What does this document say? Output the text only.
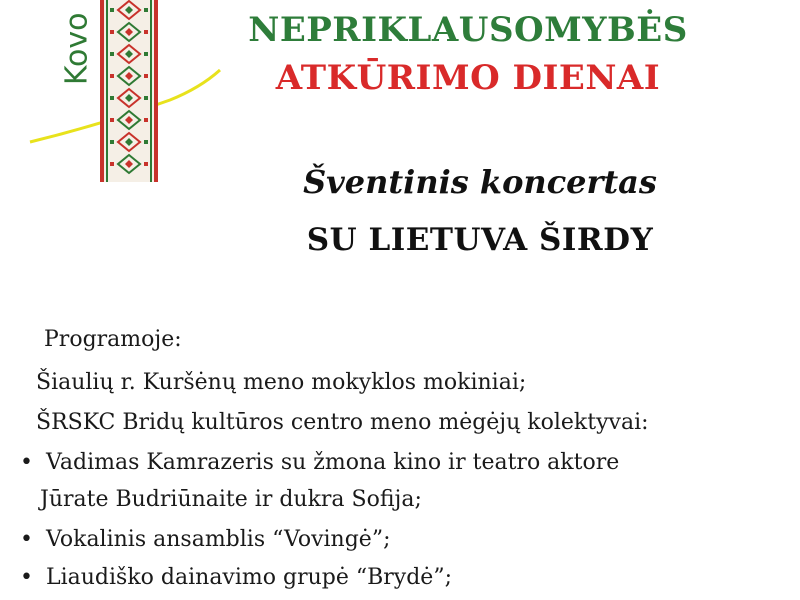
Kovo	NEPRIKLAUSOMYBĖS
ATKŪRIMO DIENAI
Šventinis koncertas
SU LIETUVA ŠIRDY
Programoje:
Šiaulių r. Kuršėnų meno mokyklos mokiniai;
ŠRSKC Bridų kultūros centro meno mėgėjų kolektyvai:
• Vadimas Kamrazeris su žmona kino ir teatro aktore
Jūrate Budriūnaite ir dukra Sofija;
• Vokalinis ansamblis “Vovingė”;
• Liaudiško dainavimo grupė “Brydė”;
